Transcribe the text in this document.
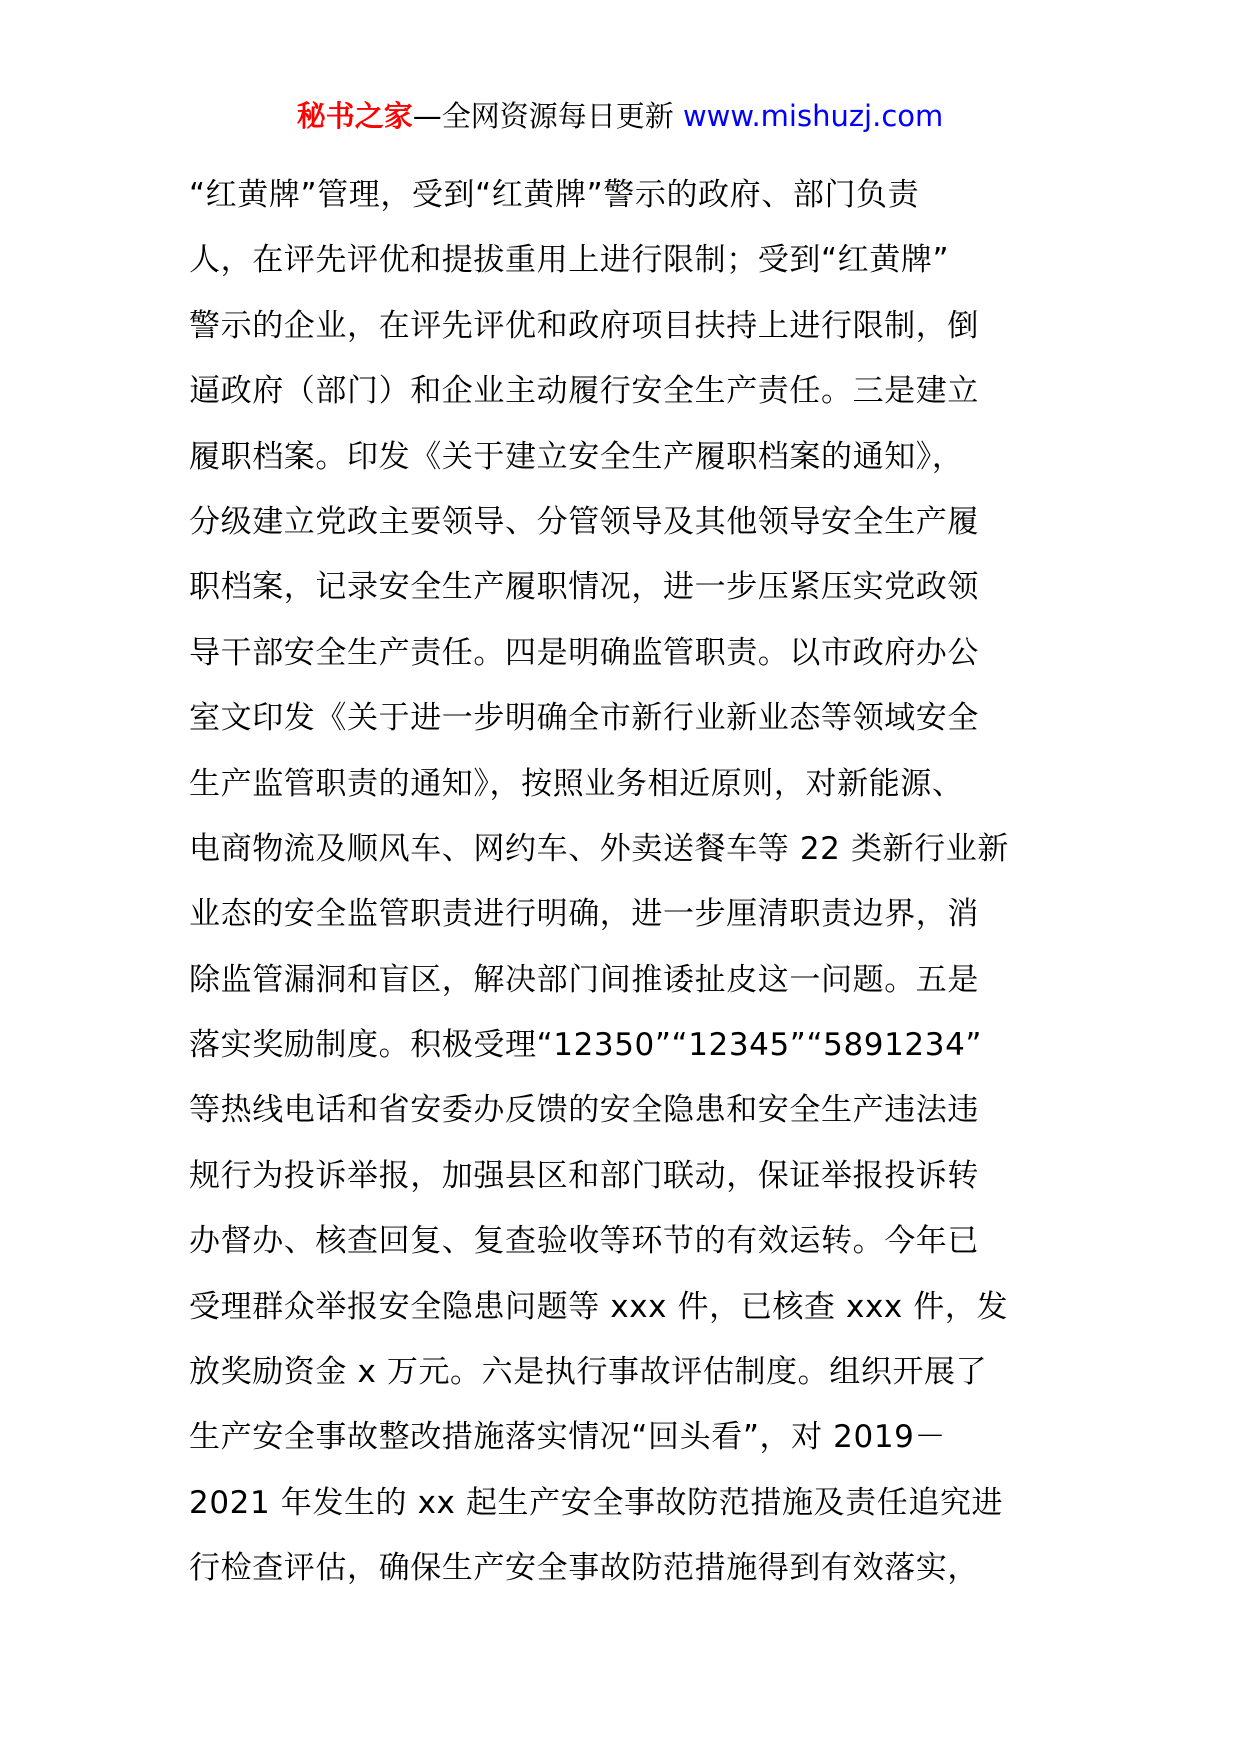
秘书之家—全网资源每日更新 www.mishuzj.com
“红黄牌”管理，受到“红黄牌”警示的政府、部门负责
人，在评先评优和提拔重用上进行限制；受到“红黄牌”
警示的企业，在评先评优和政府项目扶持上进行限制，倒
逼政府（部门）和企业主动履行安全生产责任。三是建立
履职档案。印发《关于建立安全生产履职档案的通知》，
分级建立党政主要领导、分管领导及其他领导安全生产履
职档案，记录安全生产履职情况，进一步压紧压实党政领
导干部安全生产责任。四是明确监管职责。以市政府办公
室文印发《关于进一步明确全市新行业新业态等领域安全
生产监管职责的通知》，按照业务相近原则，对新能源、
电商物流及顺风车、网约车、外卖送餐车等 22 类新行业新
业态的安全监管职责进行明确，进一步厘清职责边界，消
除监管漏洞和盲区，解决部门间推诿扯皮这一问题。五是
落实奖励制度。积极受理“12350”“12345”“5891234”
等热线电话和省安委办反馈的安全隐患和安全生产违法违
规行为投诉举报，加强县区和部门联动，保证举报投诉转
办督办、核查回复、复查验收等环节的有效运转。今年已
受理群众举报安全隐患问题等 xxx 件，已核查 xxx 件，发
放奖励资金 x 万元。六是执行事故评估制度。组织开展了
生产安全事故整改措施落实情况“回头看”，对 2019－
2021 年发生的 xx 起生产安全事故防范措施及责任追究进
行检查评估，确保生产安全事故防范措施得到有效落实，
